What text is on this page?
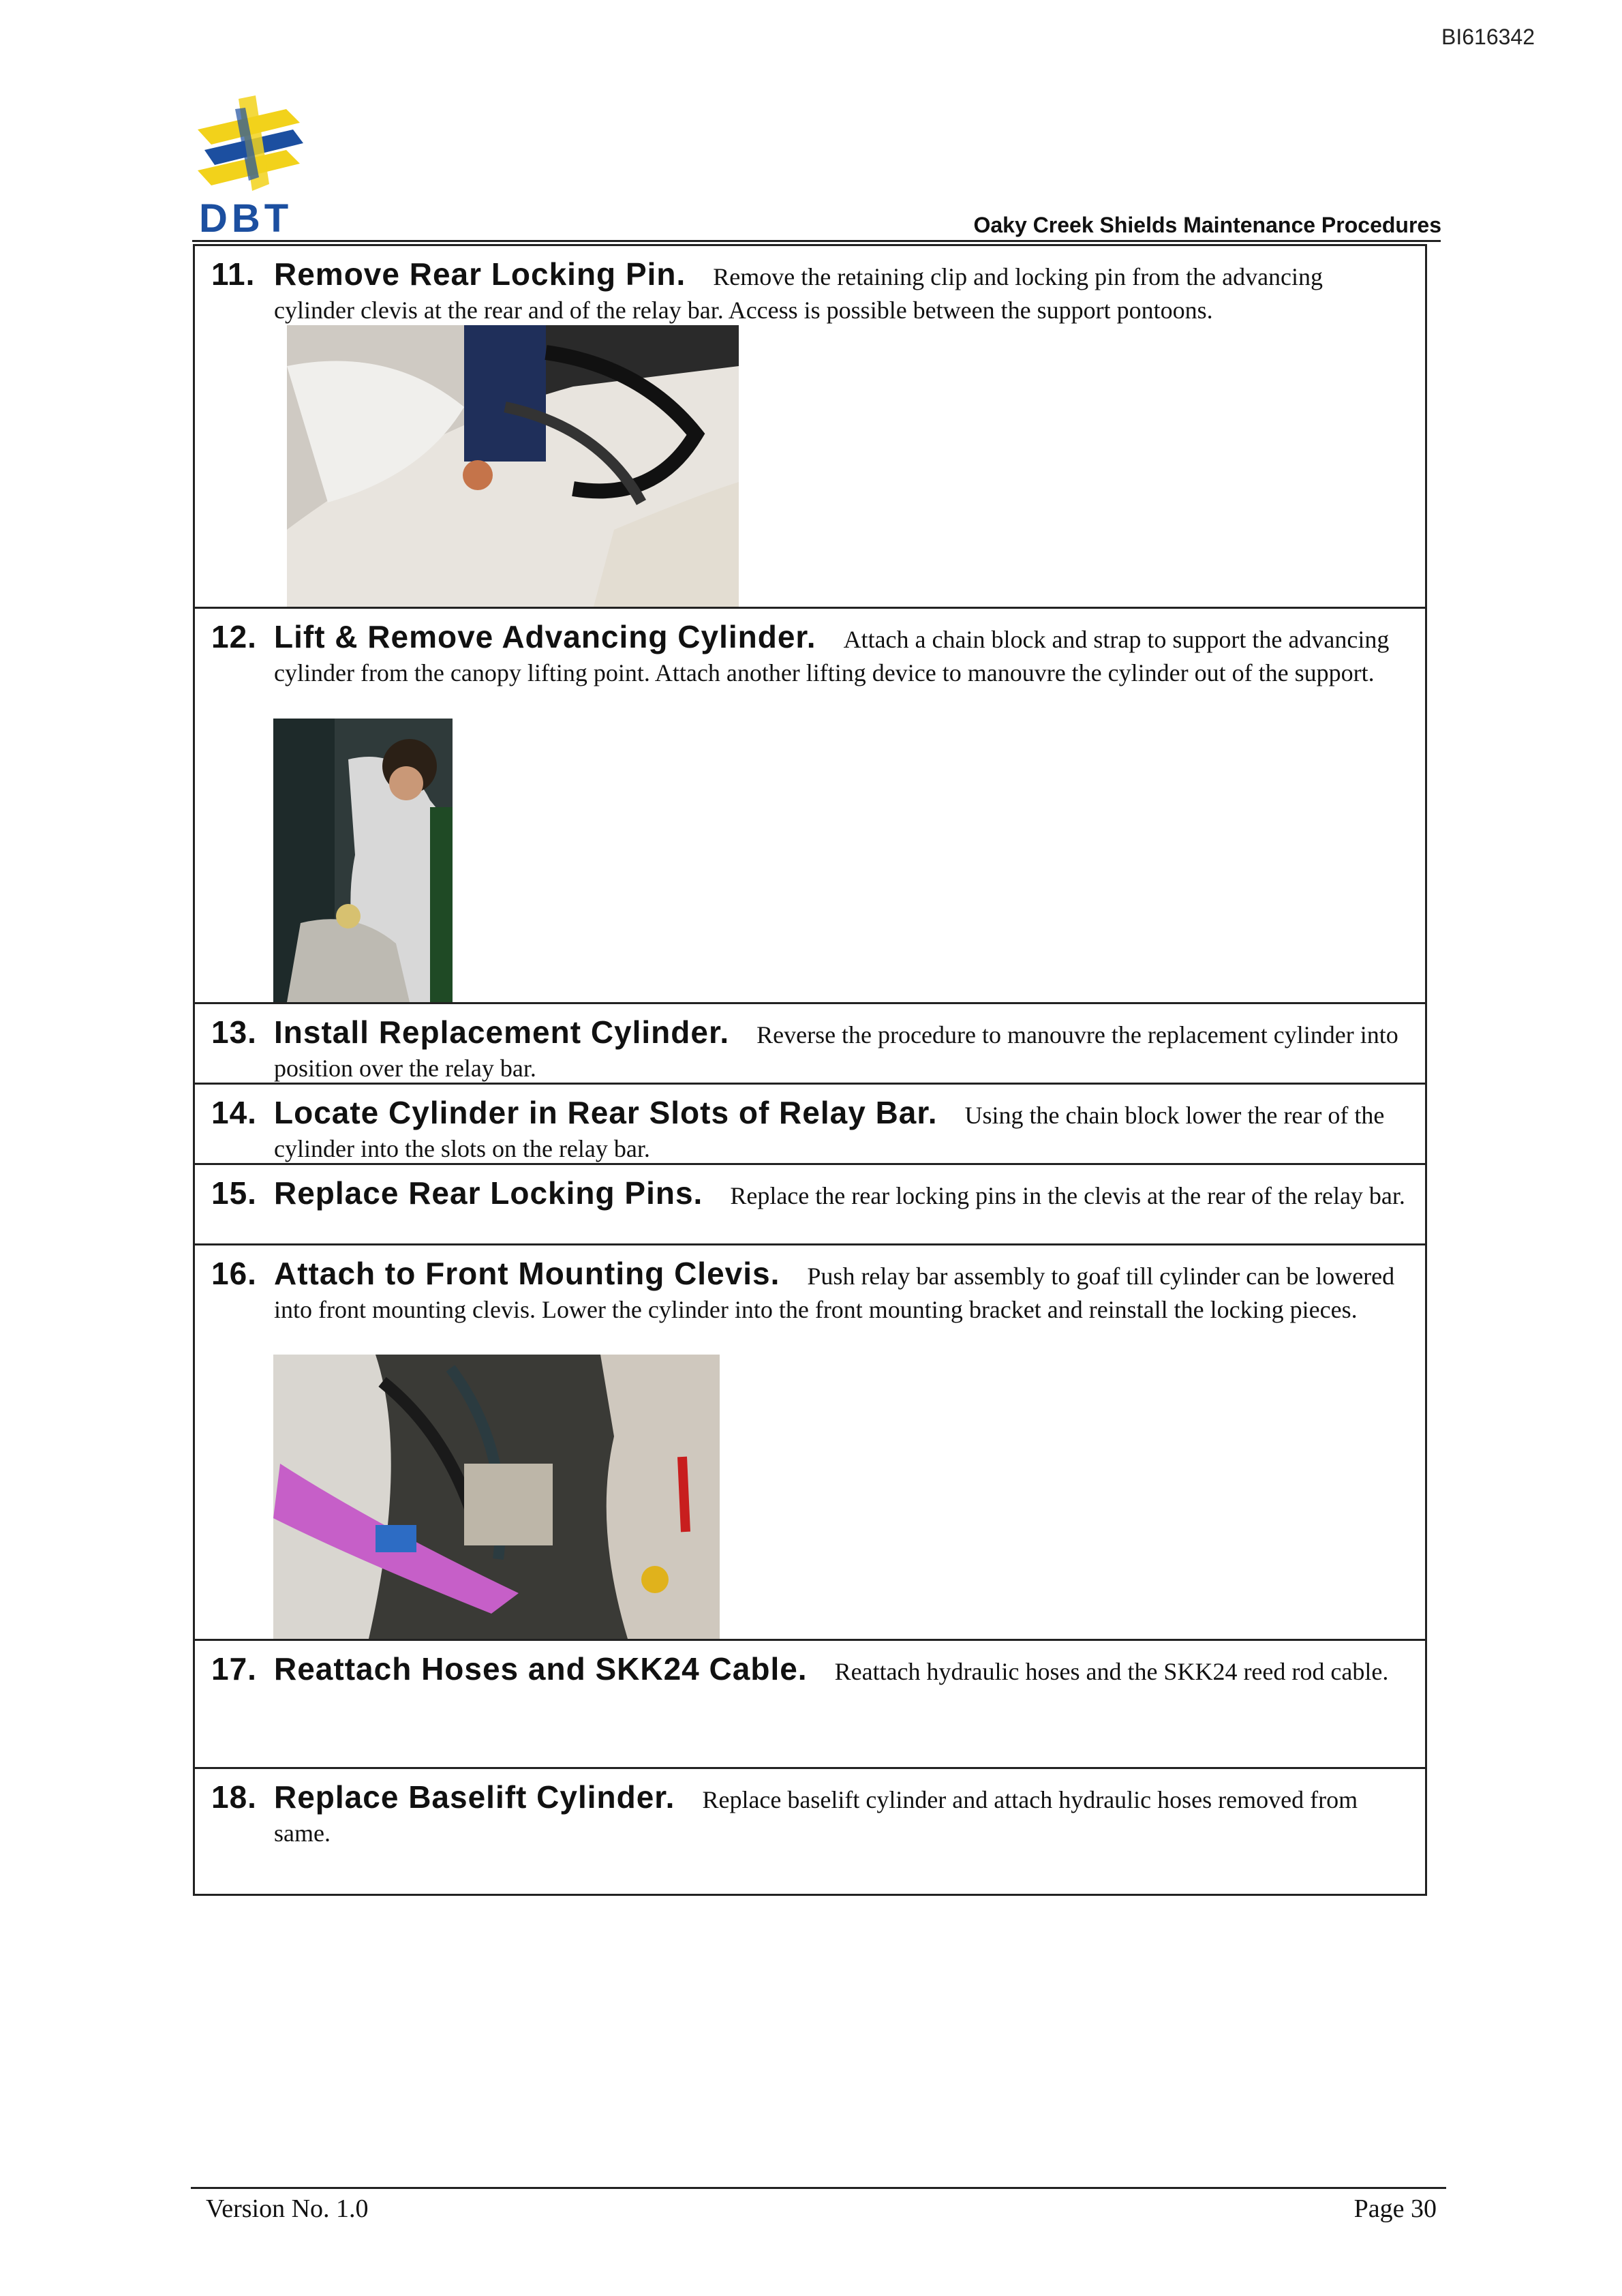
BI616342
DBT	Oaky Creek Shields Maintenance Procedures
11. Remove Rear Locking Pin. Remove the retaining clip and locking pin from the advancing cylinder clevis at the rear and of the relay bar. Access is possible between the support pontoons.
12. Lift & Remove Advancing Cylinder. Attach a chain block and strap to support the advancing cylinder from the canopy lifting point. Attach another lifting device to manouvre the cylinder out of the support.
13. Install Replacement Cylinder. Reverse the procedure to manouvre the replacement cylinder into position over the relay bar.
14. Locate Cylinder in Rear Slots of Relay Bar. Using the chain block lower the rear of the cylinder into the slots on the relay bar.
15. Replace Rear Locking Pins. Replace the rear locking pins in the clevis at the rear of the relay bar.
16. Attach to Front Mounting Clevis. Push relay bar assembly to goaf till cylinder can be lowered into front mounting clevis. Lower the cylinder into the front mounting bracket and reinstall the locking pieces.
17. Reattach Hoses and SKK24 Cable. Reattach hydraulic hoses and the SKK24 reed rod cable.
18. Replace Baselift Cylinder. Replace baselift cylinder and attach hydraulic hoses removed from same.
Version No. 1.0	Page 30
